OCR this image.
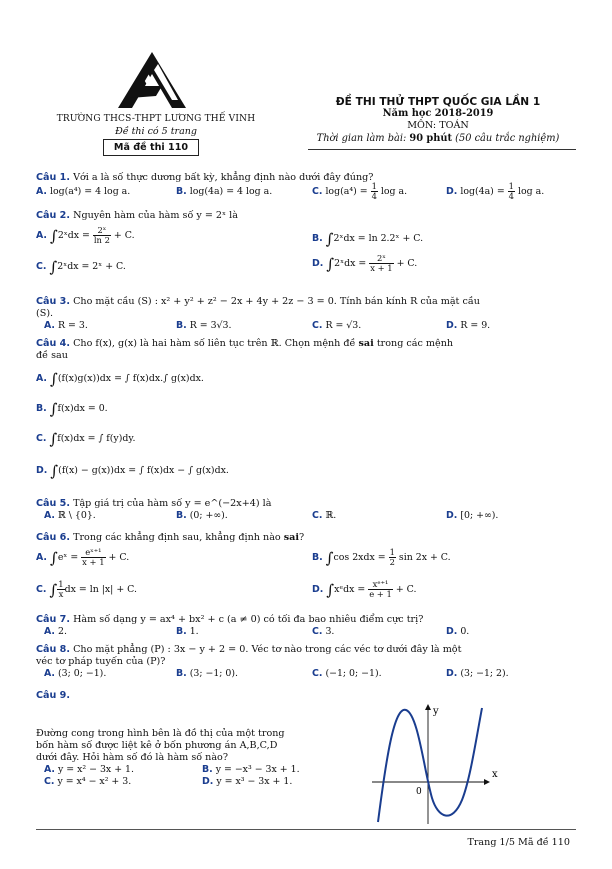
TRƯỜNG THCS-THPT LƯƠNG THẾ VINH
Đề thi có 5 trang
Mã đề thi 110
ĐỀ THI THỬ THPT QUỐC GIA LẦN 1
Năm học 2018-2019
MÔN: TOÁN
Thời gian làm bài: 90 phút (50 câu trắc nghiệm)
Câu 1. Với a là số thực dương bất kỳ, khẳng định nào dưới đây đúng?
A. log(a⁴) = 4 log a.	B. log(4a) = 4 log a.	C. $\log(a^4) = \frac{1}{4}$ log a.	D. $\log(4a) = \frac{1}{4}$ log a.
Câu 2. Nguyên hàm của hàm số y = 2ˣ là
A. ∫2ˣdx = $\frac{\text{2ˣ}}{\ln 2} + C$.	B. ∫2ˣdx = ln 2.2ˣ + C.
C. ∫2ˣdx = 2ˣ + C.	D. ∫2ˣdx = $\frac{\text{2ˣ}}{x + 1} + C$.
Câu 3. Cho mặt cầu (S) : x² + y² + z² − 2x + 4y + 2z − 3 = 0. Tính bán kính R của mặt cầu
(S).
A. R = 3.	B. R = 3√3.	C. R = √3.	D. R = 9.
Câu 4. Cho f(x), g(x) là hai hàm số liên tục trên ℝ. Chọn mệnh đề sai trong các mệnh
đề sau
A. ∫(f(x)g(x))dx = ∫ f(x)dx.∫ g(x)dx.
B. ∫f(x)dx = 0.
C. ∫f(x)dx = ∫ f(y)dy.
D. ∫(f(x) − g(x))dx = ∫ f(x)dx − ∫ g(x)dx.
Câu 5. Tập giá trị của hàm số y = e^(−2x+4) là
A. ℝ \ {0}.	B. (0; +∞).	C. ℝ.	D. [0; +∞).
Câu 6. Trong các khẳng định sau, khẳng định nào sai?
A. ∫eˣ = $\frac{\text{eˣ⁺¹}}{x + 1} + C$.	B. ∫cos $2xdx = \frac{1}{2}$ sin 2x + C.
C. ∫ $\frac{1}{x}$ dx = ln |x| + C.	D. ∫xᵉdx = $\frac{\text{xᵉ⁺¹}}{e + 1} + C$.
Câu 7. Hàm số dạng y = ax⁴ + bx² + c (a ≠ 0) có tối đa bao nhiêu điểm cực trị?
A. 2.	B. 1.	C. 3.	D. 0.
Câu 8. Cho mặt phẳng (P) : 3x − y + 2 = 0. Véc tơ nào trong các véc tơ dưới đây là một
véc tơ pháp tuyến của (P)?
A. (3; 0; −1).	B. (3; −1; 0).	C. (−1; 0; −1).	D. (3; −1; 2).
Câu 9.
Đường cong trong hình bên là đồ thị của một trong
bốn hàm số được liệt kê ở bốn phương án A,B,C,D
dưới đây. Hỏi hàm số đó là hàm số nào?
A. y = x² − 3x + 1.	B. y = −x³ − 3x + 1.
C. y = x⁴ − x² + 3.	D. y = x³ − 3x + 1.
x
y
0
Trang 1/5 Mã đề 110
